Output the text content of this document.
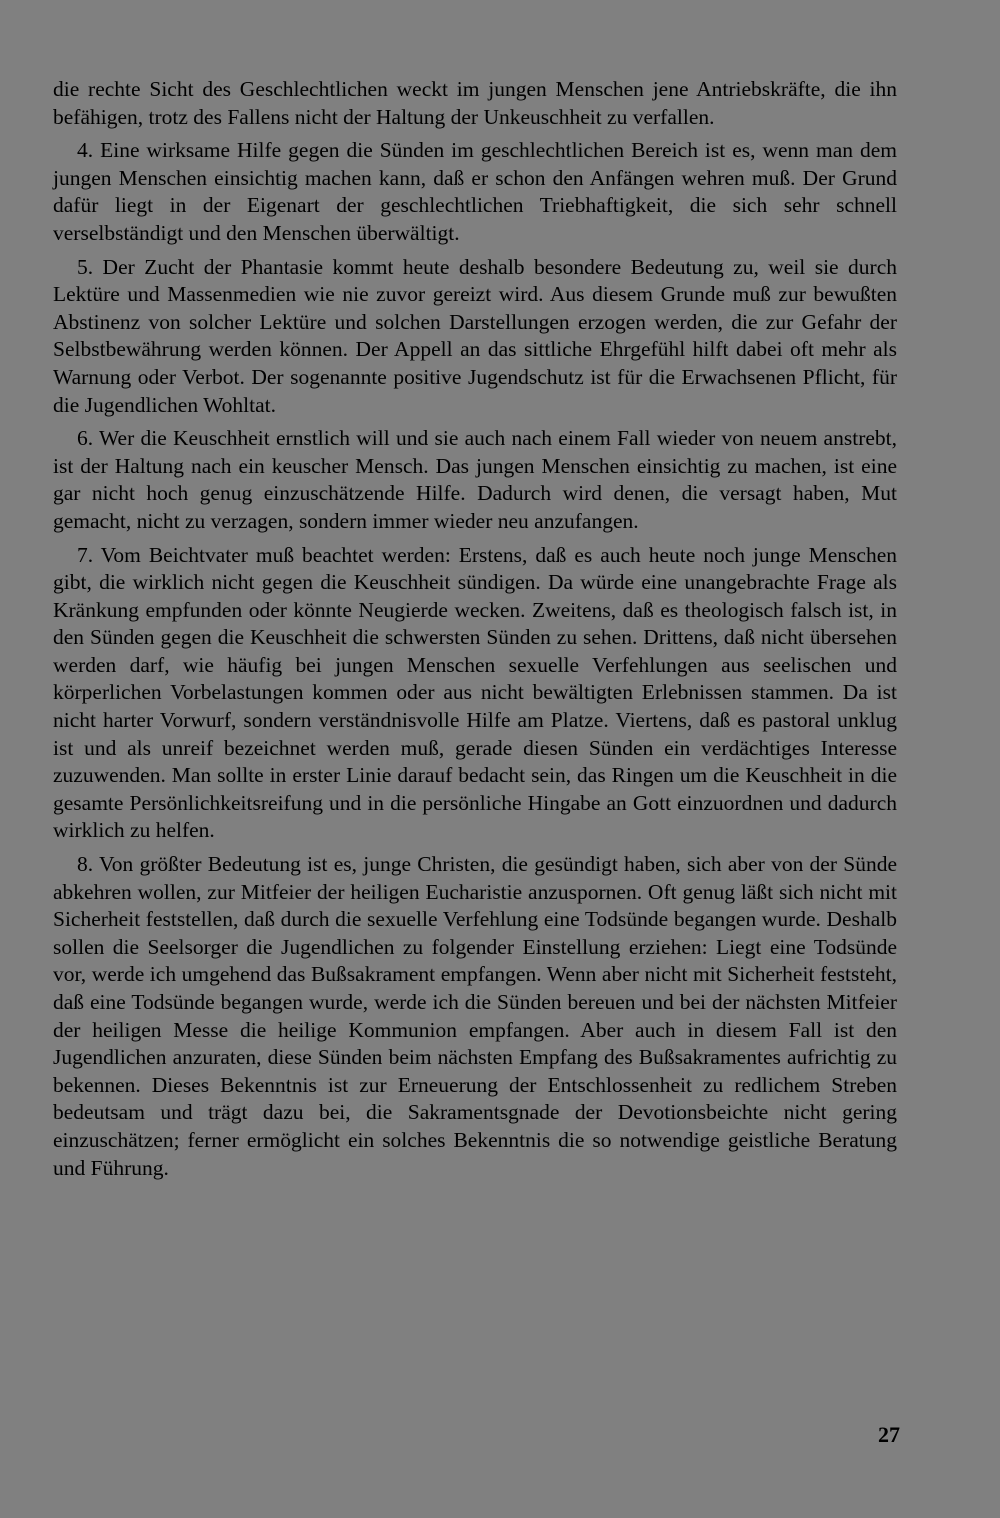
die rechte Sicht des Geschlechtlichen weckt im jungen Menschen jene Antriebskräfte, die ihn befähigen, trotz des Fallens nicht der Haltung der Unkeuschheit zu verfallen.

4. Eine wirksame Hilfe gegen die Sünden im geschlechtlichen Bereich ist es, wenn man dem jungen Menschen einsichtig machen kann, daß er schon den Anfängen wehren muß. Der Grund dafür liegt in der Eigenart der geschlechtlichen Triebhaftigkeit, die sich sehr schnell verselbständigt und den Menschen überwältigt.

5. Der Zucht der Phantasie kommt heute deshalb besondere Bedeutung zu, weil sie durch Lektüre und Massenmedien wie nie zuvor gereizt wird. Aus diesem Grunde muß zur bewußten Abstinenz von solcher Lektüre und solchen Darstellungen erzogen werden, die zur Gefahr der Selbstbewährung werden können. Der Appell an das sittliche Ehrgefühl hilft dabei oft mehr als Warnung oder Verbot. Der sogenannte positive Jugendschutz ist für die Erwachsenen Pflicht, für die Jugendlichen Wohltat.

6. Wer die Keuschheit ernstlich will und sie auch nach einem Fall wieder von neuem anstrebt, ist der Haltung nach ein keuscher Mensch. Das jungen Menschen einsichtig zu machen, ist eine gar nicht hoch genug einzuschätzende Hilfe. Dadurch wird denen, die versagt haben, Mut gemacht, nicht zu verzagen, sondern immer wieder neu anzufangen.

7. Vom Beichtvater muß beachtet werden: Erstens, daß es auch heute noch junge Menschen gibt, die wirklich nicht gegen die Keuschheit sündigen. Da würde eine unangebrachte Frage als Kränkung empfunden oder könnte Neugierde wecken. Zweitens, daß es theologisch falsch ist, in den Sünden gegen die Keuschheit die schwersten Sünden zu sehen. Drittens, daß nicht übersehen werden darf, wie häufig bei jungen Menschen sexuelle Verfehlungen aus seelischen und körperlichen Vorbelastungen kommen oder aus nicht bewältigten Erlebnissen stammen. Da ist nicht harter Vorwurf, sondern verständnisvolle Hilfe am Platze. Viertens, daß es pastoral unklug ist und als unreif bezeichnet werden muß, gerade diesen Sünden ein verdächtiges Interesse zuzuwenden. Man sollte in erster Linie darauf bedacht sein, das Ringen um die Keuschheit in die gesamte Persönlichkeitsreifung und in die persönliche Hingabe an Gott einzuordnen und dadurch wirklich zu helfen.

8. Von größter Bedeutung ist es, junge Christen, die gesündigt haben, sich aber von der Sünde abkehren wollen, zur Mitfeier der heiligen Eucharistie anzuspornen. Oft genug läßt sich nicht mit Sicherheit feststellen, daß durch die sexuelle Verfehlung eine Todsünde begangen wurde. Deshalb sollen die Seelsorger die Jugendlichen zu folgender Einstellung erziehen: Liegt eine Todsünde vor, werde ich umgehend das Bußsakrament empfangen. Wenn aber nicht mit Sicherheit feststeht, daß eine Todsünde begangen wurde, werde ich die Sünden bereuen und bei der nächsten Mitfeier der heiligen Messe die heilige Kommunion empfangen. Aber auch in diesem Fall ist den Jugendlichen anzuraten, diese Sünden beim nächsten Empfang des Bußsakramentes aufrichtig zu bekennen. Dieses Bekenntnis ist zur Erneuerung der Entschlossenheit zu redlichem Streben bedeutsam und trägt dazu bei, die Sakramentsgnade der Devotionsbeichte nicht gering einzuschätzen; ferner ermöglicht ein solches Bekenntnis die so notwendige geistliche Beratung und Führung.

27
